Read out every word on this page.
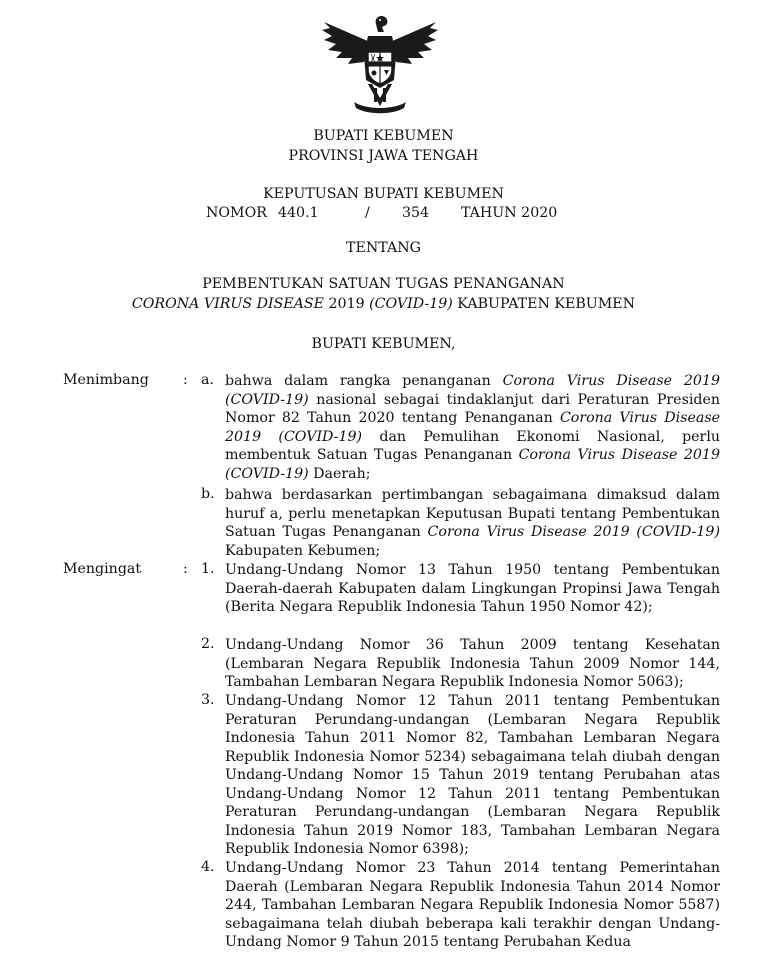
BUPATI KEBUMEN
PROVINSI JAWA TENGAH
KEPUTUSAN BUPATI KEBUMEN
NOMOR 440.1	/ 354 TAHUN 2020
TENTANG
PEMBENTUKAN SATUAN TUGAS PENANGANAN
CORONA VIRUS DISEASE 2019 (COVID-19) KABUPATEN KEBUMEN
BUPATI KEBUMEN,
Menimbang : a. bahwa dalam rangka penanganan Corona Virus Disease 2019 (COVID-19) nasional sebagai tindaklanjut dari Peraturan Presiden Nomor 82 Tahun 2020 tentang Penanganan Corona Virus Disease 2019 (COVID-19) dan Pemulihan Ekonomi Nasional, perlu membentuk Satuan Tugas Penanganan Corona Virus Disease 2019 (COVID-19) Daerah;
b. bahwa berdasarkan pertimbangan sebagaimana dimaksud dalam huruf a, perlu menetapkan Keputusan Bupati tentang Pembentukan Satuan Tugas Penanganan Corona Virus Disease 2019 (COVID-19) Kabupaten Kebumen;
Mengingat	: 1. Undang-Undang Nomor 13 Tahun 1950 tentang Pembentukan Daerah-daerah Kabupaten dalam Lingkungan Propinsi Jawa Tengah (Berita Negara Republik Indonesia Tahun 1950 Nomor 42);
2. Undang-Undang Nomor 36 Tahun 2009 tentang Kesehatan (Lembaran Negara Republik Indonesia Tahun 2009 Nomor 144, Tambahan Lembaran Negara Republik Indonesia Nomor 5063);
3. Undang-Undang Nomor 12 Tahun 2011 tentang Pembentukan Peraturan Perundang-undangan (Lembaran Negara Republik Indonesia Tahun 2011 Nomor 82, Tambahan Lembaran Negara Republik Indonesia Nomor 5234) sebagaimana telah diubah dengan Undang-Undang Nomor 15 Tahun 2019 tentang Perubahan atas Undang-Undang Nomor 12 Tahun 2011 tentang Pembentukan Peraturan Perundang-undangan (Lembaran Negara Republik Indonesia Tahun 2019 Nomor 183, Tambahan Lembaran Negara Republik Indonesia Nomor 6398);
4. Undang-Undang Nomor 23 Tahun 2014 tentang Pemerintahan Daerah (Lembaran Negara Republik Indonesia Tahun 2014 Nomor 244, Tambahan Lembaran Negara Republik Indonesia Nomor 5587) sebagaimana telah diubah beberapa kali terakhir dengan Undang-Undang Nomor 9 Tahun 2015 tentang Perubahan Kedua
